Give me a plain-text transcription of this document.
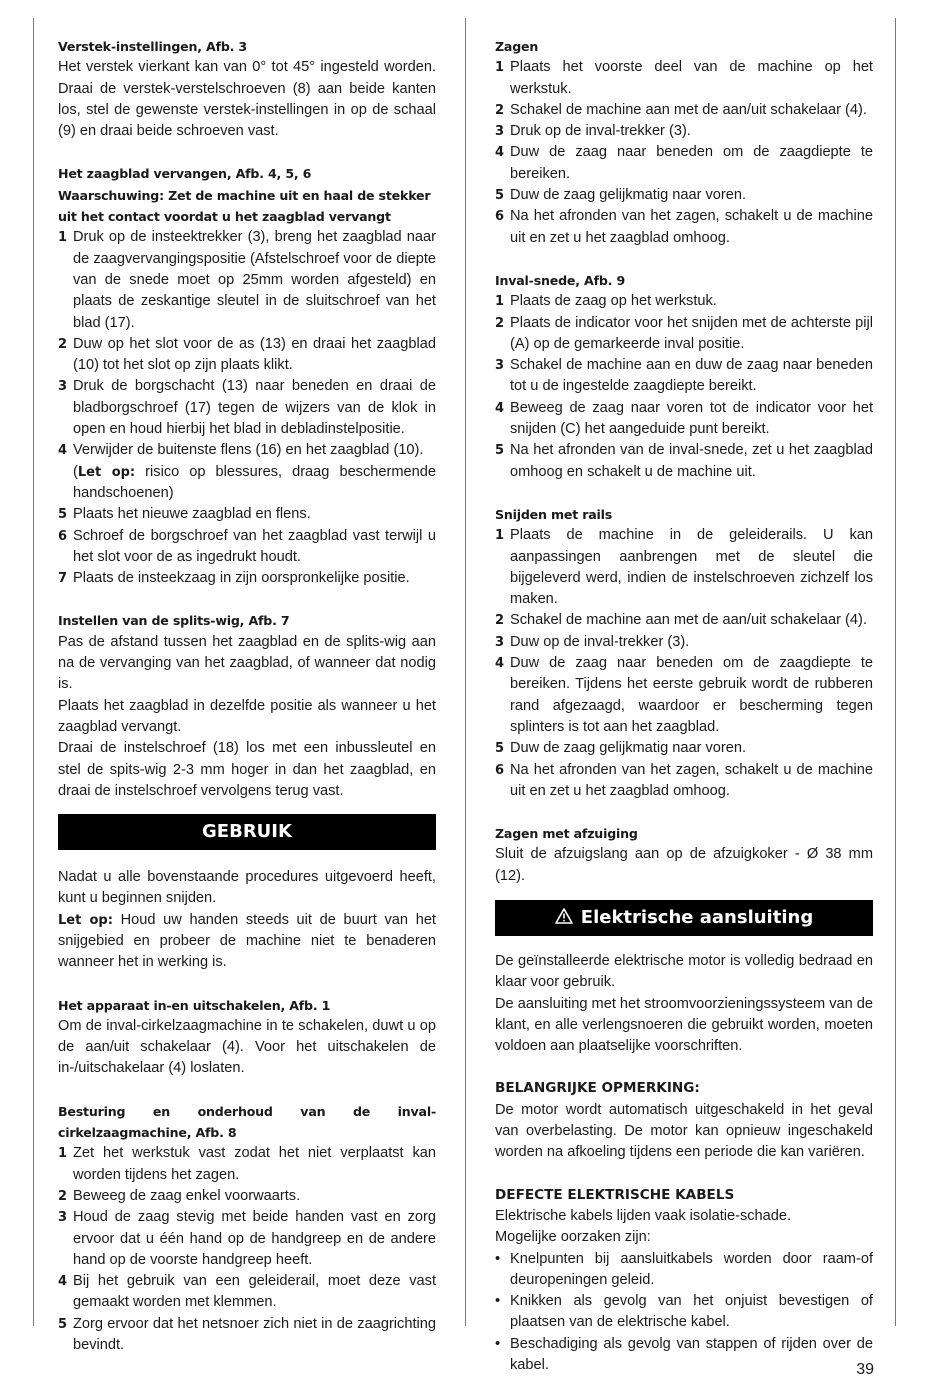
Verstek-instellingen, Afb. 3

Het verstek vierkant kan van 0° tot 45° ingesteld worden. Draai de verstek-verstelschroeven (8) aan beide kanten los, stel de gewenste verstek-instellingen in op de schaal (9) en draai beide schroeven vast.

Het zaagblad vervangen, Afb. 4, 5, 6
Waarschuwing: Zet de machine uit en haal de stekker uit het contact voordat u het zaagblad vervangt
1 Druk op de insteektrekker (3), breng het zaagblad naar de zaagvervangingspositie (Afstelschroef voor de diepte van de snede moet op 25mm worden afgesteld) en plaats de zeskantige sleutel in de sluitschroef van het blad (17).
2 Duw op het slot voor de as (13) en draai het zaagblad (10) tot het slot op zijn plaats klikt.
3 Druk de borgschacht (13) naar beneden en draai de bladborgschroef (17) tegen de wijzers van de klok in open en houd hierbij het blad in debladinstelpositie.
4 Verwijder de buitenste flens (16) en het zaagblad (10).
(Let op: risico op blessures, draag beschermende handschoenen)
5 Plaats het nieuwe zaagblad en flens.
6 Schroef de borgschroef van het zaagblad vast terwijl u het slot voor de as ingedrukt houdt.
7 Plaats de insteekzaag in zijn oorspronkelijke positie.
Instellen van de splits-wig, Afb. 7

Pas de afstand tussen het zaagblad en de splits-wig aan na de vervanging van het zaagblad, of wanneer dat nodig is.

Plaats het zaagblad in dezelfde positie als wanneer u het zaagblad vervangt.

Draai de instelschroef (18) los met een inbussleutel en stel de spits-wig 2-3 mm hoger in dan het zaagblad, en draai de instelschroef vervolgens terug vast.

GEBRUIK

Nadat u alle bovenstaande procedures uitgevoerd heeft, kunt u beginnen snijden.

Let op: Houd uw handen steeds uit de buurt van het snijgebied en probeer de machine niet te benaderen wanneer het in werking is.

Het apparaat in-en uitschakelen, Afb. 1

Om de inval-cirkelzaagmachine in te schakelen, duwt u op de aan/uit schakelaar (4). Voor het uitschakelen de in-/uitschakelaar (4) loslaten.

Besturing en onderhoud van de inval-cirkelzaagmachine, Afb. 8
1 Zet het werkstuk vast zodat het niet verplaatst kan worden tijdens het zagen.
2 Beweeg de zaag enkel voorwaarts.
3 Houd de zaag stevig met beide handen vast en zorg ervoor dat u één hand op de handgreep en de andere hand op de voorste handgreep heeft.
4 Bij het gebruik van een geleiderail, moet deze vast gemaakt worden met klemmen.
5 Zorg ervoor dat het netsnoer zich niet in de zaagrichting bevindt.
Zagen
1 Plaats het voorste deel van de machine op het werkstuk.
2 Schakel de machine aan met de aan/uit schakelaar (4).
3 Druk op de inval-trekker (3).
4 Duw de zaag naar beneden om de zaagdiepte te bereiken.
5 Duw de zaag gelijkmatig naar voren.
6 Na het afronden van het zagen, schakelt u de machine uit en zet u het zaagblad omhoog.
Inval-snede, Afb. 9
1 Plaats de zaag op het werkstuk.
2 Plaats de indicator voor het snijden met de achterste pijl (A) op de gemarkeerde inval positie.
3 Schakel de machine aan en duw de zaag naar beneden tot u de ingestelde zaagdiepte bereikt.
4 Beweeg de zaag naar voren tot de indicator voor het snijden (C) het aangeduide punt bereikt.
5 Na het afronden van de inval-snede, zet u het zaagblad omhoog en schakelt u de machine uit.
Snijden met rails
1 Plaats de machine in de geleiderails. U kan aanpassingen aanbrengen met de sleutel die bijgeleverd werd, indien de instelschroeven zichzelf los maken.
2 Schakel de machine aan met de aan/uit schakelaar (4).
3 Duw op de inval-trekker (3).
4 Duw de zaag naar beneden om de zaagdiepte te bereiken. Tijdens het eerste gebruik wordt de rubberen rand afgezaagd, waardoor er bescherming tegen splinters is tot aan het zaagblad.
5 Duw de zaag gelijkmatig naar voren.
6 Na het afronden van het zagen, schakelt u de machine uit en zet u het zaagblad omhoog.
Zagen met afzuiging

Sluit de afzuigslang aan op de afzuigkoker - Ø 38 mm (12).

Elektrische aansluiting

De geïnstalleerde elektrische motor is volledig bedraad en klaar voor gebruik.

De aansluiting met het stroomvoorzieningssysteem van de klant, en alle verlengsnoeren die gebruikt worden, moeten voldoen aan plaatselijke voorschriften.

BELANGRIJKE OPMERKING:

De motor wordt automatisch uitgeschakeld in het geval van overbelasting. De motor kan opnieuw ingeschakeld worden na afkoeling tijdens een periode die kan variëren.

DEFECTE ELEKTRISCHE KABELS

Elektrische kabels lijden vaak isolatie-schade.

Mogelijke oorzaken zijn:

• Knelpunten bij aansluitkabels worden door raam-of deuropeningen geleid.
• Knikken als gevolg van het onjuist bevestigen of plaatsen van de elektrische kabel.
• Beschadiging als gevolg van stappen of rijden over de kabel.	39
